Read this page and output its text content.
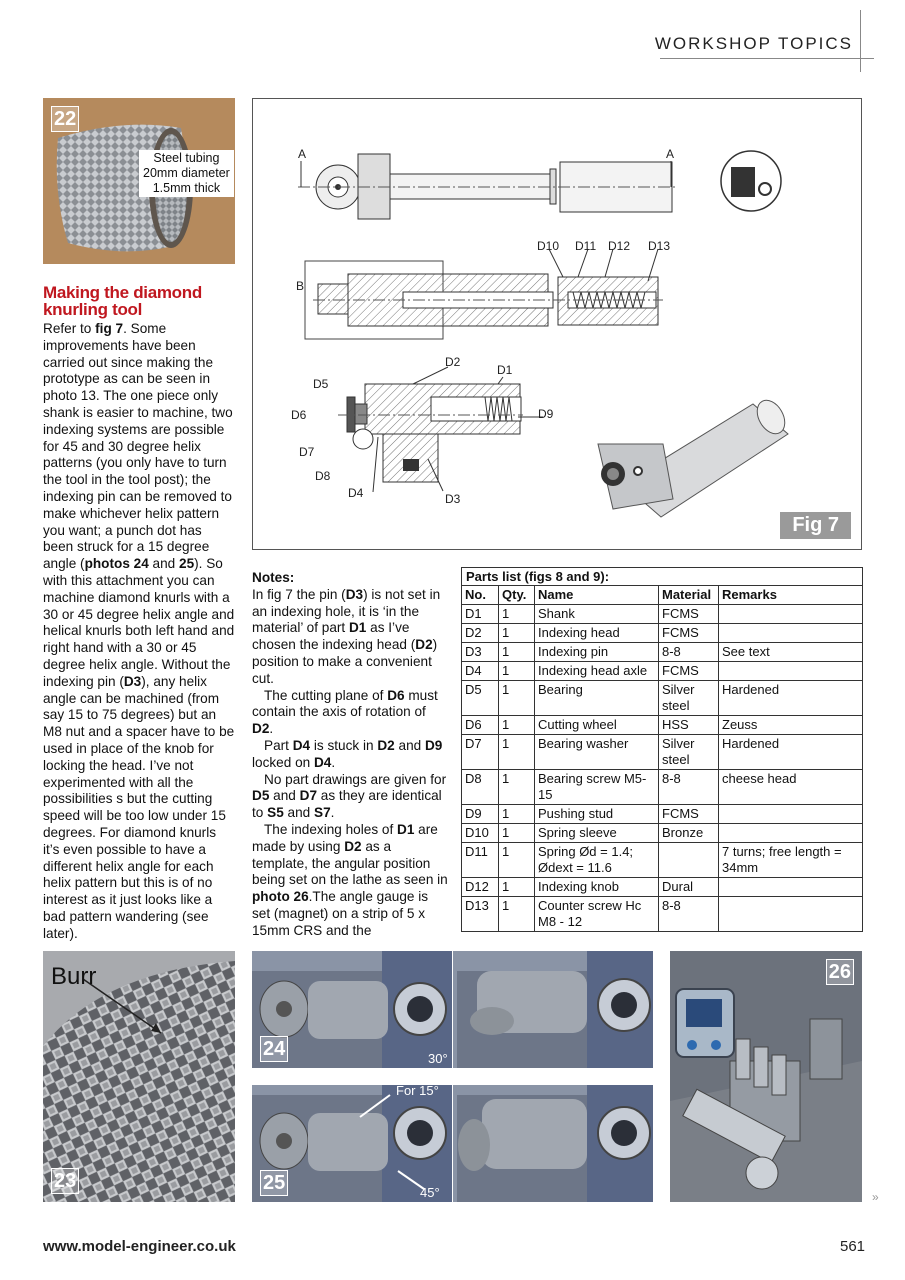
WORKSHOP TOPICS
22
Steel tubing
20mm diameter
1.5mm thick
Making the diamond knurling tool
Refer to fig 7. Some improvements have been carried out since making the prototype as can be seen in photo 13. The one piece only shank is easier to machine, two indexing systems are possible for 45 and 30 degree helix patterns (you only have to turn the tool in the tool post); the indexing pin can be removed to make whichever helix pattern you want; a punch dot has been struck for a 15 degree angle (photos 24 and 25). So with this attachment you can machine diamond knurls with a 30 or 45 degree helix angle and helical knurls both left hand and right hand with a 30 or 45 degree helix angle. Without the indexing pin (D3), any helix angle can be machined (from say 15 to 75 degrees) but an M8 nut and a spacer have to be used in place of the knob for locking the head. I’ve not experimented with all the possibilities s but the cutting speed will be too low under 15 degrees. For diamond knurls it’s even possible to have a different helix angle for each helix pattern but this is of no interest as it just looks like a bad pattern wandering (see later).
A	A
B
D10 D11 D12 D13
D2
D1
D5
D6
D7
D8
D4
D9
D3
Fig 7
Notes:

In fig 7 the pin (D3) is not set in an indexing hole, it is ‘in the material’ of part D1 as I’ve chosen the indexing head (D2) position to make a convenient cut.

The cutting plane of D6 must contain the axis of rotation of D2.

Part D4 is stuck in D2 and D9 locked on D4.

No part drawings are given for D5 and D7 as they are identical to S5 and S7.

The indexing holes of D1 are made by using D2 as a template, the angular position being set on the lathe as seen in photo 26.The angle gauge is set (magnet) on a strip of 5 x 15mm CRS and the

Parts list (figs 8 and 9):
No.	Qty.	Name	Material	Remarks
D1	1	Shank	FCMS	
D2	1	Indexing head	FCMS	
D3	1	Indexing pin	8-8	See text
D4	1	Indexing head axle	FCMS	
D5	1	Bearing	Silver steel	Hardened
D6	1	Cutting wheel	HSS	Zeuss
D7	1	Bearing washer	Silver steel	Hardened
D8	1	Bearing screw M5-15	8-8	cheese head
D9	1	Pushing stud	FCMS	
D10	1	Spring sleeve	Bronze	
D11	1	Spring Ød = 1.4; Ødext = 11.6		7 turns; free length = 34mm
D12	1	Indexing knob	Dural	
D13	1	Counter screw Hc M8 - 12	8-8	
Burr
23
24	30°
For 15°
25	45°
26
www.model-engineer.co.uk	561
»
